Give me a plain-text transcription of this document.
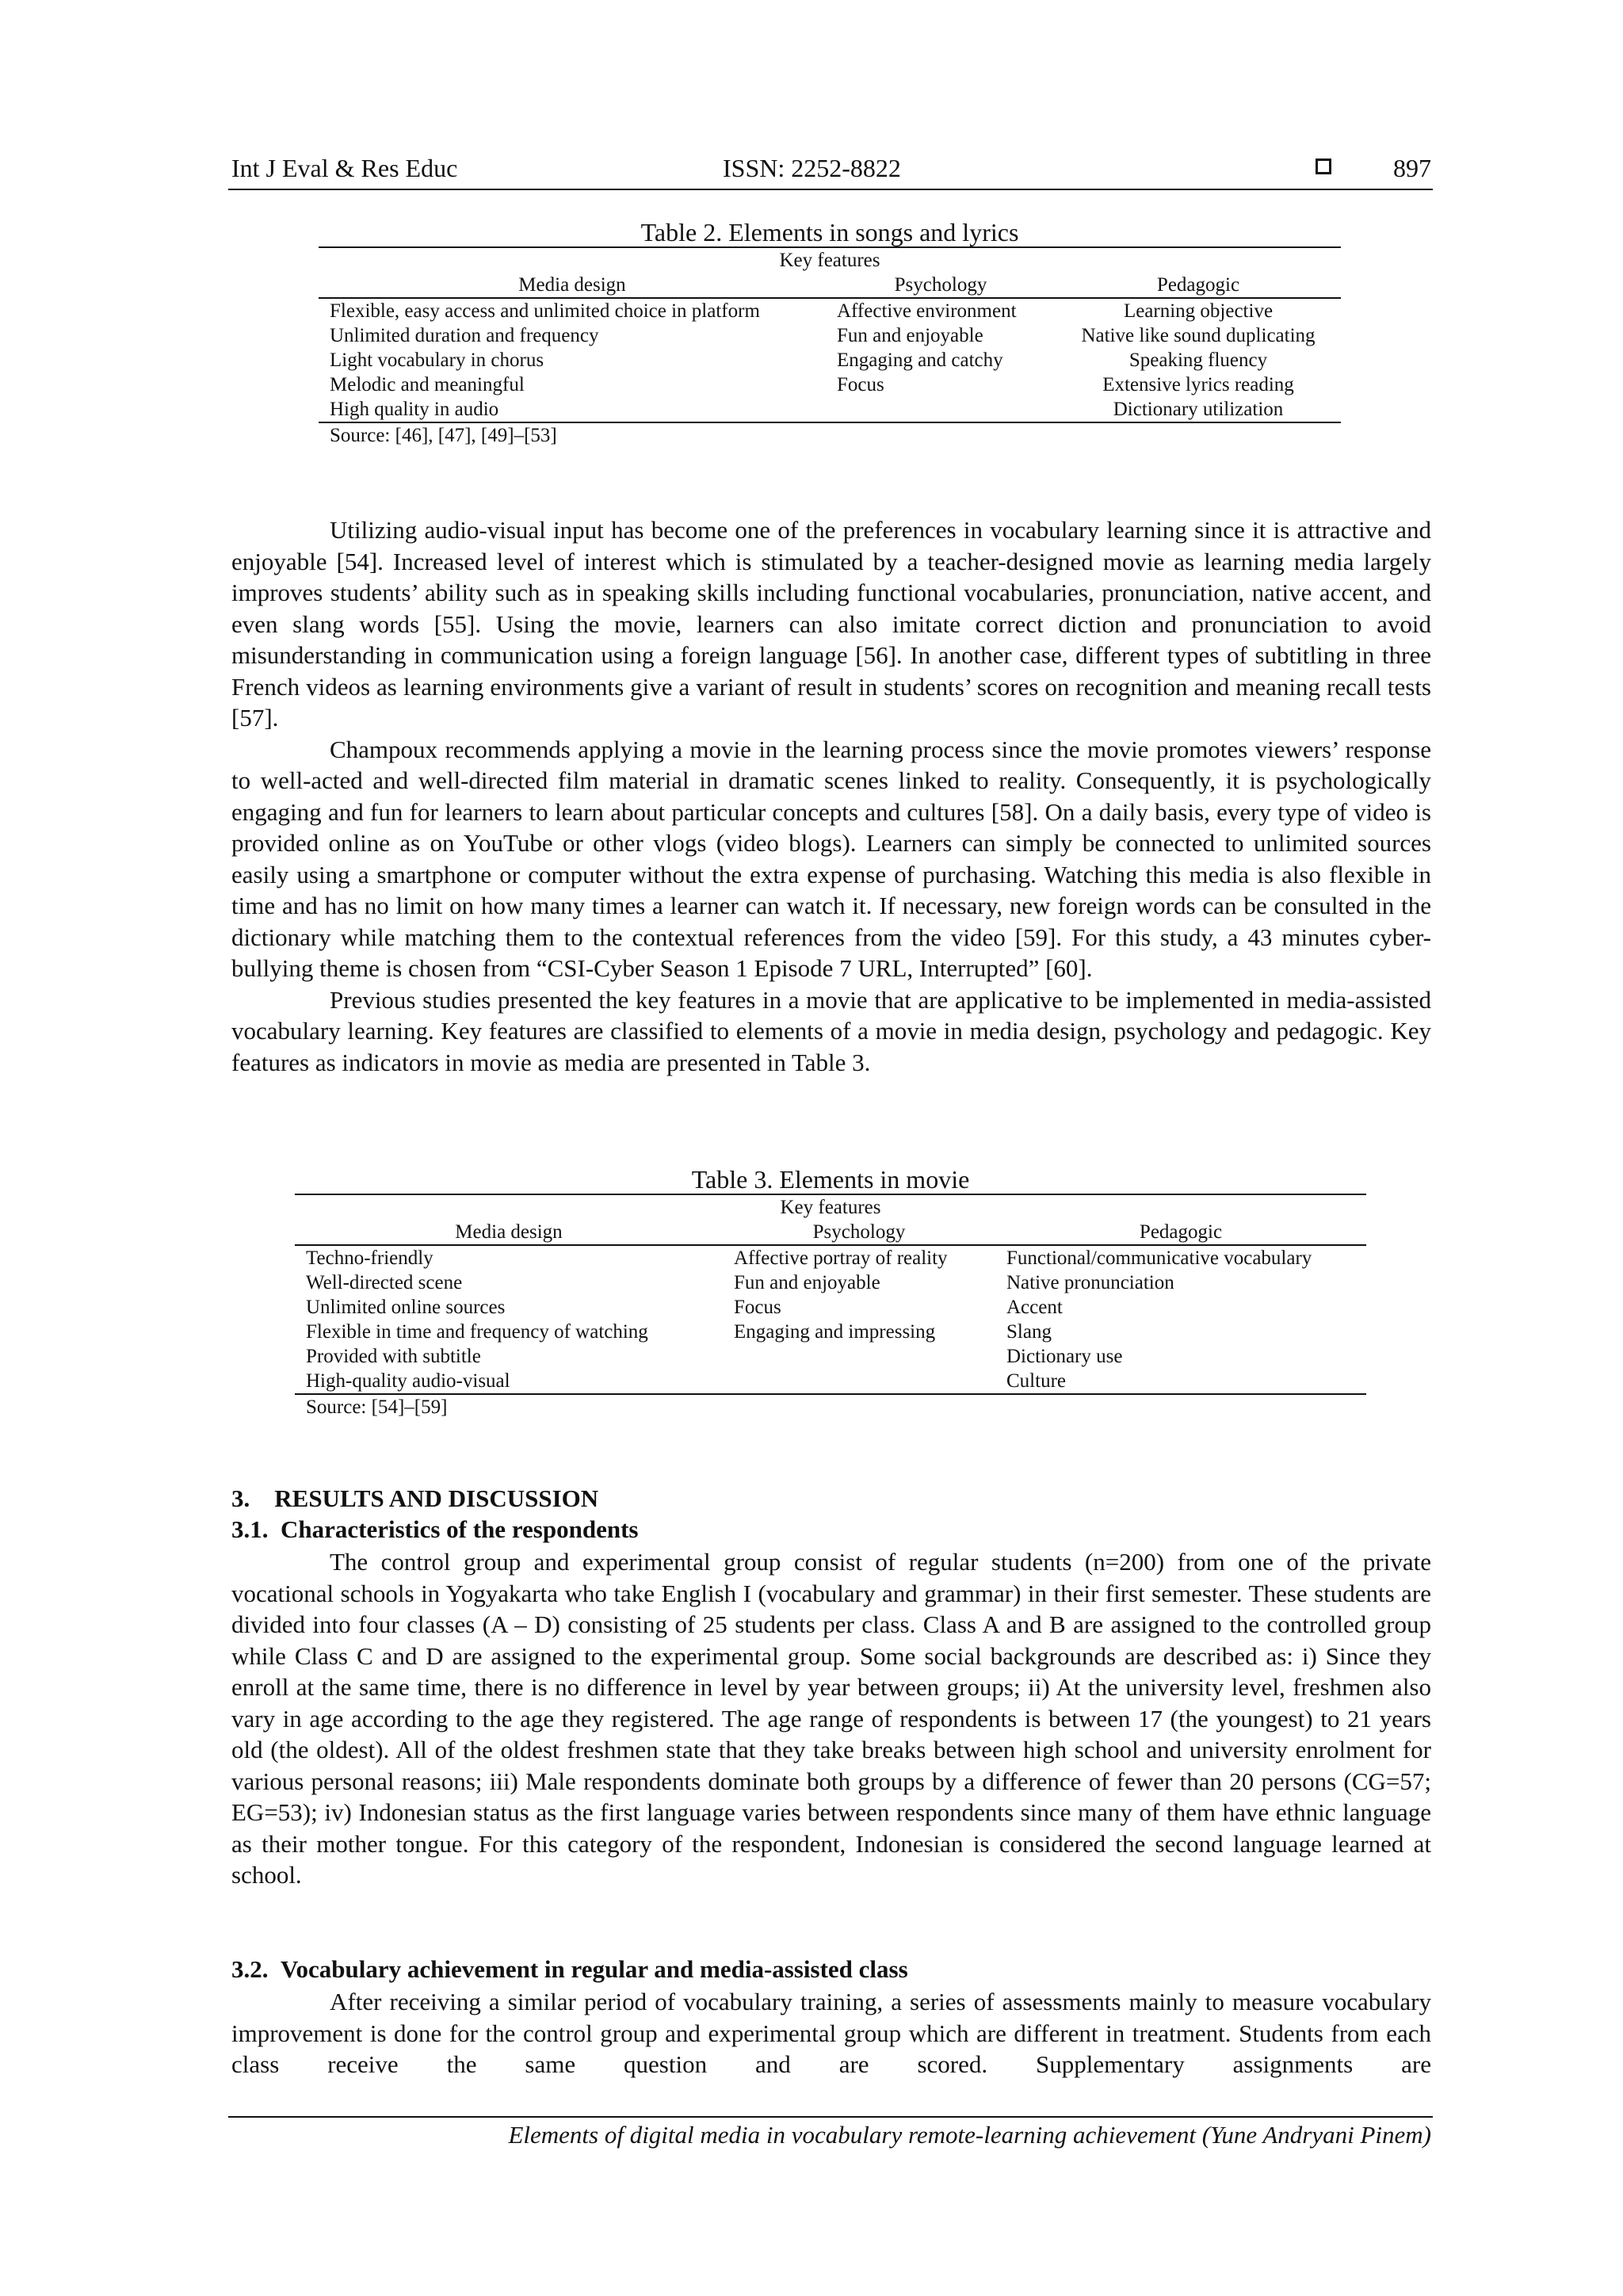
Int J Eval & Res Educ	ISSN: 2252-8822	897
Table 2. Elements in songs and lyrics
Key features		
Media design	Psychology	Pedagogic
Flexible, easy access and unlimited choice in platform	Affective environment	Learning objective
Unlimited duration and frequency	Fun and enjoyable	Native like sound duplicating
Light vocabulary in chorus	Engaging and catchy	Speaking fluency
Melodic and meaningful	Focus	Extensive lyrics reading
High quality in audio		Dictionary utilization
Source: [46], [47], [49]–[53]

Utilizing audio-visual input has become one of the preferences in vocabulary learning since it is attractive and enjoyable [54]. Increased level of interest which is stimulated by a teacher-designed movie as learning media largely improves students’ ability such as in speaking skills including functional vocabularies, pronunciation, native accent, and even slang words [55]. Using the movie, learners can also imitate correct diction and pronunciation to avoid misunderstanding in communication using a foreign language [56]. In another case, different types of subtitling in three French videos as learning environments give a variant of result in students’ scores on recognition and meaning recall tests [57].

Champoux recommends applying a movie in the learning process since the movie promotes viewers’ response to well-acted and well-directed film material in dramatic scenes linked to reality. Consequently, it is psychologically engaging and fun for learners to learn about particular concepts and cultures [58]. On a daily basis, every type of video is provided online as on YouTube or other vlogs (video blogs). Learners can simply be connected to unlimited sources easily using a smartphone or computer without the extra expense of purchasing. Watching this media is also flexible in time and has no limit on how many times a learner can watch it. If necessary, new foreign words can be consulted in the dictionary while matching them to the contextual references from the video [59]. For this study, a 43 minutes cyber-bullying theme is chosen from “CSI-Cyber Season 1 Episode 7 URL, Interrupted” [60].

Previous studies presented the key features in a movie that are applicative to be implemented in media-assisted vocabulary learning. Key features are classified to elements of a movie in media design, psychology and pedagogic. Key features as indicators in movie as media are presented in Table 3.

Table 3. Elements in movie
Key features		
Media design	Psychology	Pedagogic
Techno-friendly	Affective portray of reality	Functional/communicative vocabulary
Well-directed scene	Fun and enjoyable	Native pronunciation
Unlimited online sources	Focus	Accent
Flexible in time and frequency of watching	Engaging and impressing	Slang
Provided with subtitle		Dictionary use
High-quality audio-visual		Culture
Source: [54]–[59]
3.    RESULTS AND DISCUSSION
3.1.  Characteristics of the respondents

The control group and experimental group consist of regular students (n=200) from one of the private vocational schools in Yogyakarta who take English I (vocabulary and grammar) in their first semester. These students are divided into four classes (A – D) consisting of 25 students per class. Class A and B are assigned to the controlled group while Class C and D are assigned to the experimental group. Some social backgrounds are described as: i) Since they enroll at the same time, there is no difference in level by year between groups; ii) At the university level, freshmen also vary in age according to the age they registered. The age range of respondents is between 17 (the youngest) to 21 years old (the oldest). All of the oldest freshmen state that they take breaks between high school and university enrolment for various personal reasons; iii) Male respondents dominate both groups by a difference of fewer than 20 persons (CG=57; EG=53); iv) Indonesian status as the first language varies between respondents since many of them have ethnic language as their mother tongue. For this category of the respondent, Indonesian is considered the second language learned at school.

3.2.  Vocabulary achievement in regular and media-assisted class

After receiving a similar period of vocabulary training, a series of assessments mainly to measure vocabulary improvement is done for the control group and experimental group which are different in treatment. Students from each class receive the same question and are scored. Supplementary assignments are

Elements of digital media in vocabulary remote-learning achievement (Yune Andryani Pinem)
